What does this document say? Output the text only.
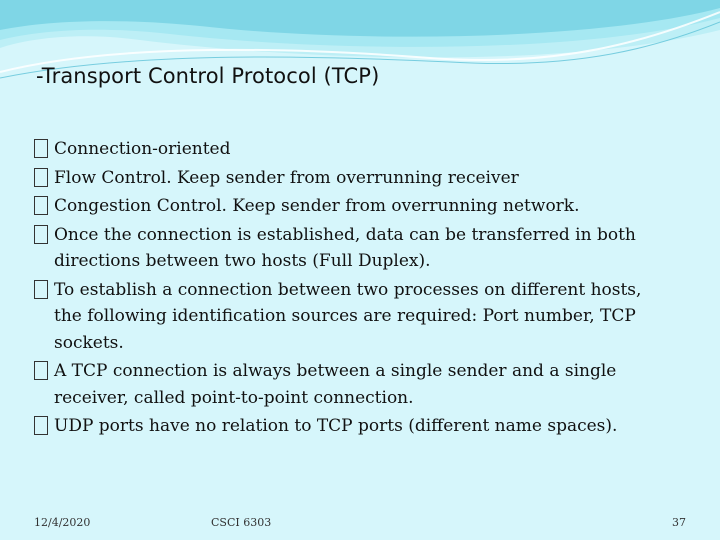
-Transport Control Protocol (TCP)
Connection-oriented
Flow Control. Keep sender from overrunning receiver
Congestion Control. Keep sender from overrunning network.
Once the connection is established, data can be transferred in both directions between two hosts (Full Duplex).
To establish a connection between two processes on different hosts, the following identification sources are required: Port number, TCP sockets.
A TCP connection is always between a single sender and a single receiver, called point-to-point connection.
UDP ports have no relation to TCP ports (different name spaces).
12/4/2020	CSCI 6303	37
